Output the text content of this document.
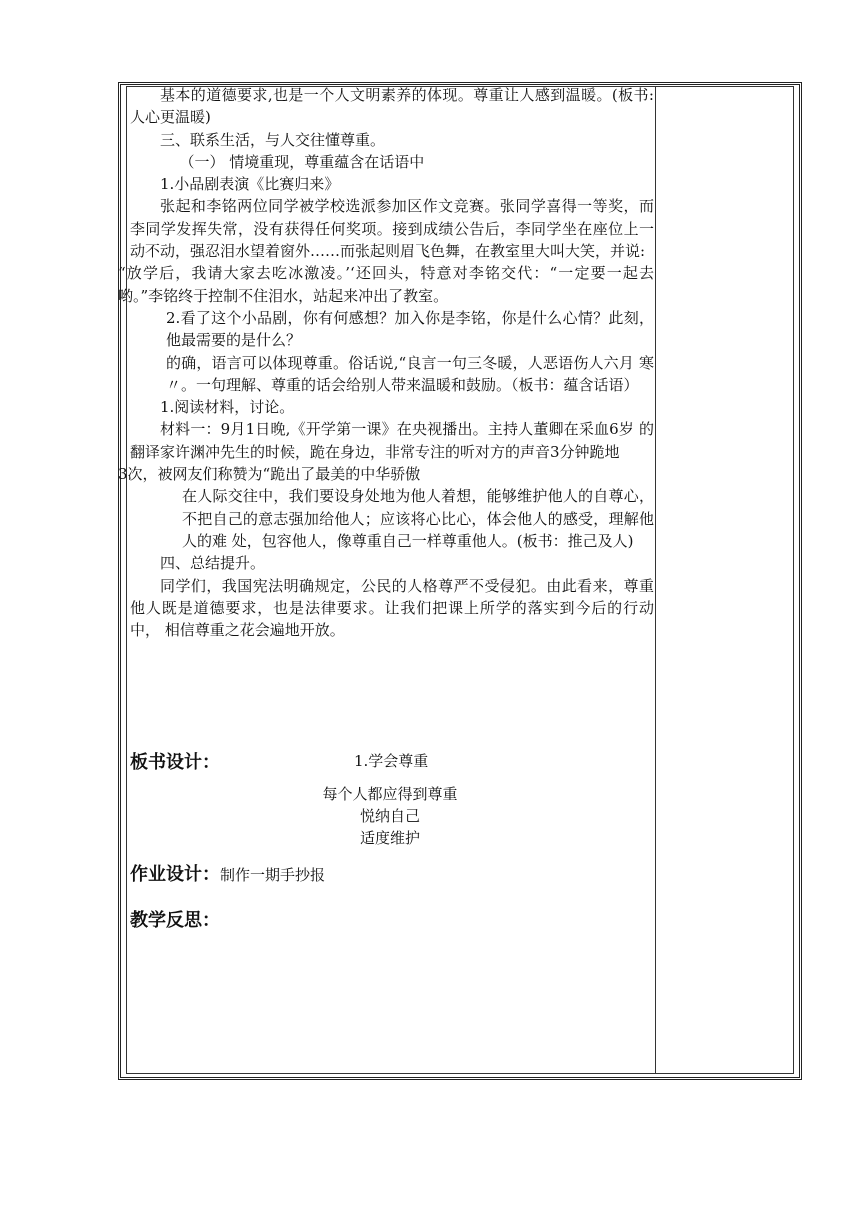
基本的道德要求,也是一个人文明素养的体现。尊重让人感到温暖。(板书: 人心更温暖)

三、联系生活，与人交往懂尊重。

（一） 情境重现，尊重蕴含在话语中

1.小品剧表演《比赛归来》

张起和李铭两位同学被学校选派参加区作文竞赛。张同学喜得一等奖，而 李同学发挥失常，没有获得任何奖项。接到成绩公告后，李同学坐在座位上一 动不动，强忍泪水望着窗外……而张起则眉飞色舞，在教室里大叫大笑，并说:

“放学后，我请大家去吃冰激凌。’‘还回头，特意对李铭交代：“一定要一起去 哟。”李铭终于控制不住泪水，站起来冲出了教室。

2.看了这个小品剧，你有何感想？加入你是李铭，你是什么心情？此刻， 他最需要的是什么？

的确，语言可以体现尊重。俗话说,“良言一句三冬暖，人恶语伤人六月 寒〃。一句理解、尊重的话会给别人带来温暖和鼓励。（板书：蕴含话语）

1.阅读材料，讨论。

材料一：9月1日晚,《开学第一课》在央视播出。主持人董卿在采血6岁 的翻译家许渊冲先生的时候，跪在身边，非常专注的听对方的声音3分钟跪地

3次，被网友们称赞为“跪出了最美的中华骄傲

在人际交往中，我们要设身处地为他人着想，能够维护他人的自尊心， 不把自己的意志强加给他人；应该将心比心，体会他人的感受，理解他人的难 处，包容他人，像尊重自己一样尊重他人。(板书：推己及人)

四、总结提升。

同学们，我国宪法明确规定，公民的人格尊严不受侵犯。由此看来，尊重 他人既是道德要求，也是法律要求。让我们把课上所学的落实到今后的行动中， 相信尊重之花会遍地开放。

板书设计：	1.学会尊重
每个人都应得到尊重
悦纳自己
适度维护
作业设计：制作一期手抄报
教学反思：
